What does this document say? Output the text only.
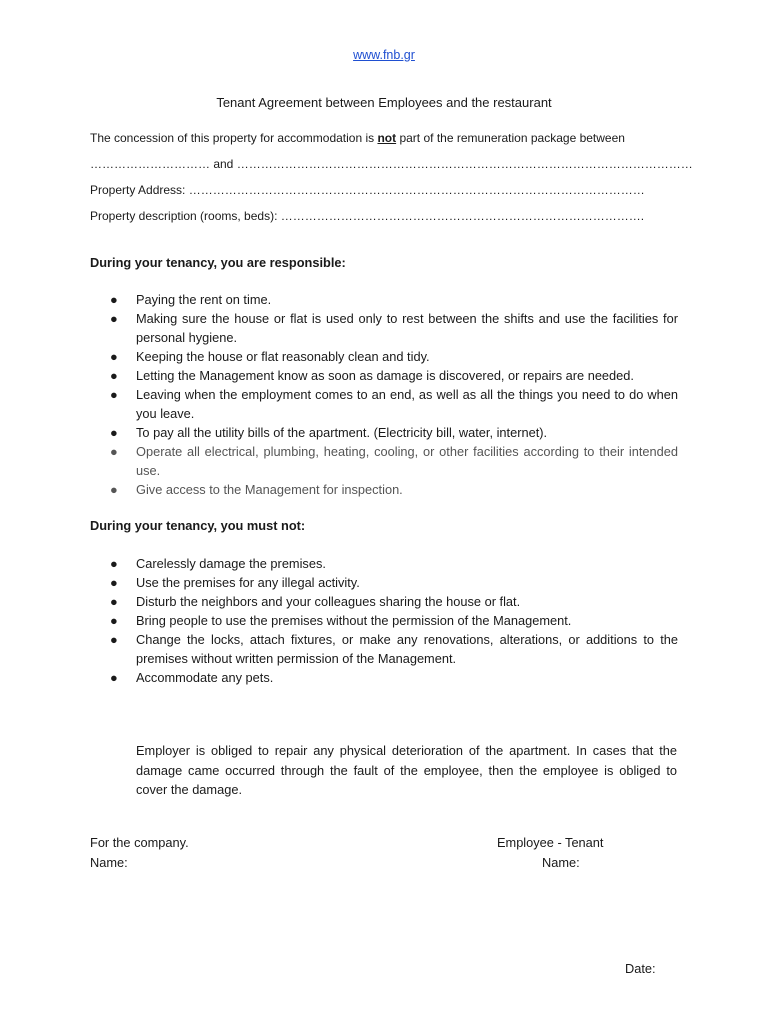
www.fnb.gr
Tenant Agreement between Employees and the restaurant
The concession of this property for accommodation is not part of the remuneration package between
………………………… and ……………………………………………………………………………………………………
Property Address: ……………………………………………………………………………………………………
Property description (rooms, beds): ……………………………………………………………………………….
During your tenancy, you are responsible:
●	Paying the rent on time.
●	Making sure the house or flat is used only to rest between the shifts and use the facilities for personal hygiene.
●	Keeping the house or flat reasonably clean and tidy.
●	Letting the Management know as soon as damage is discovered, or repairs are needed.
●	Leaving when the employment comes to an end, as well as all the things you need to do when you leave.
●	To pay all the utility bills of the apartment. (Electricity bill, water, internet).
●	Operate all electrical, plumbing, heating, cooling, or other facilities according to their intended use.
●	Give access to the Management for inspection.
During your tenancy, you must not:
●	Carelessly damage the premises.
●	Use the premises for any illegal activity.
●	Disturb the neighbors and your colleagues sharing the house or flat.
●	Bring people to use the premises without the permission of the Management.
●	Change the locks, attach fixtures, or make any renovations, alterations, or additions to the premises without written permission of the Management.
●	Accommodate any pets.
Employer is obliged to repair any physical deterioration of the apartment. In cases that the damage came occurred through the fault of the employee, then the employee is obliged to cover the damage.
For the company.
Name:
Employee - Tenant
Name:
Date:
